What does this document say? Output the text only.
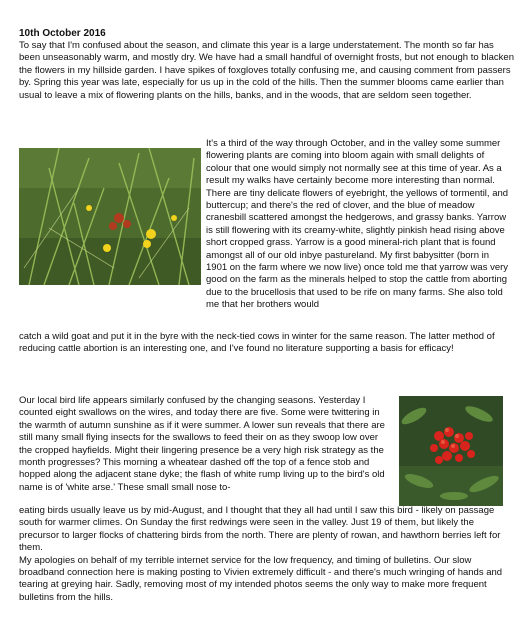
10th October 2016
To say that I'm confused about the season, and climate this year is a large understatement. The month so far has been unseasonably warm, and mostly dry. We have had a small handful of overnight frosts, but not enough to blacken the flowers in my hillside garden. I have spikes of foxgloves totally confusing me, and causing comment from passers by. Spring this year was late, especially for us up in the cold of the hills. Then the summer blooms came earlier than usual to leave a mix of flowering plants on the hills, banks, and in the woods, that are seldom seen together.
It's a third of the way through October, and in the valley some summer flowering plants are coming into bloom again with small delights of colour that one would simply not normally see at this time of year. As a result my walks have certainly become more interesting than normal. There are tiny delicate flowers of eyebright, the yellows of tormentil, and buttercup; and there's the red of clover, and the blue of meadow cranesbill scattered amongst the hedgerows, and grassy banks. Yarrow is still flowering with its creamy-white, slightly pinkish head rising above short cropped grass. Yarrow is a good mineral-rich plant that is found amongst all of our old inbye pastureland. My first babysitter (born in 1901 on the farm where we now live) once told me that yarrow was very good on the farm as the minerals helped to stop the cattle from aborting due to the brucellosis that used to be rife on many farms. She also told me that her brothers would
catch a wild goat and put it in the byre with the neck-tied cows in winter for the same reason. The latter method of reducing cattle abortion is an interesting one, and I've found no literature supporting a basis for efficacy!
Our local bird life appears similarly confused by the changing seasons. Yesterday I counted eight swallows on the wires, and today there are five. Some were twittering in the warmth of autumn sunshine as if it were summer. A lower sun reveals that there are still many small flying insects for the swallows to feed their on as they swoop low over the cropped hayfields. Might their lingering presence be a very high risk strategy as the month progresses? This morning a wheatear dashed off the top of a fence stob and hopped along the adjacent stane dyke; the flash of white rump living up to the bird's old name is of 'white arse.' These small small nose to-
eating birds usually leave us by mid-August, and I thought that they all had until I saw this bird - likely on passage south for warmer climes. On Sunday the first redwings were seen in the valley. Just 19 of them, but likely the precursor to larger flocks of chattering birds from the north. There are plenty of rowan, and hawthorn berries left for them.
My apologies on behalf of my terrible internet service for the low frequency, and timing of bulletins. Our slow broadband connection here is making posting to Vivien extremely difficult - and there's much wringing of hands and tearing at greying hair. Sadly, removing most of my intended photos seems the only way to make more frequent bulletins from the hills.
